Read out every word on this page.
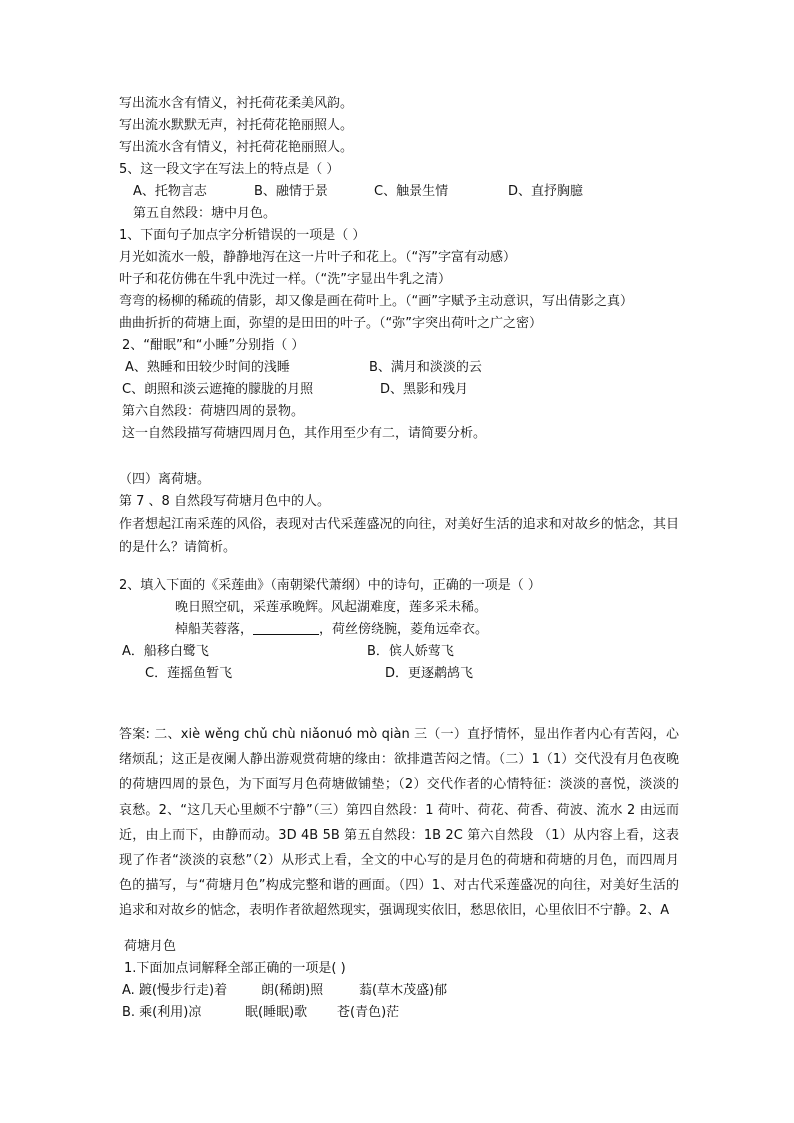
写出流水含有情义，衬托荷花柔美风韵。
写出流水默默无声，衬托荷花艳丽照人。
写出流水含有情义，衬托荷花艳丽照人。
5、这一段文字在写法上的特点是（ ）
A、托物言志	B、融情于景	C、触景生情	D、直抒胸臆
第五自然段：塘中月色。
1、下面句子加点字分析错误的一项是（ ）
月光如流水一般，静静地泻在这一片叶子和花上。（“泻”字富有动感）
叶子和花仿佛在牛乳中洗过一样。（“洗”字显出牛乳之清）
弯弯的杨柳的稀疏的倩影，却又像是画在荷叶上。（“画”字赋予主动意识，写出倩影之真）
曲曲折折的荷塘上面，弥望的是田田的叶子。（“弥”字突出荷叶之广之密）
2、“酣眠”和“小睡”分别指（ ）
A、熟睡和田较少时间的浅睡	B、满月和淡淡的云
C、朗照和淡云遮掩的朦胧的月照	D、黑影和残月
第六自然段：荷塘四周的景物。
这一自然段描写荷塘四周月色，其作用至少有二，请简要分析。
（四）离荷塘。
第 7 、8 自然段写荷塘月色中的人。
作者想起江南采莲的风俗，表现对古代采莲盛况的向往，对美好生活的追求和对故乡的惦念，其目的是什么？请简析。
2、填入下面的《采莲曲》（南朝梁代萧纲）中的诗句，正确的一项是（ ）
晚日照空矶，采莲承晚辉。风起湖难度，莲多采未稀。
棹船芙蓉落，	，荷丝傍绕腕，菱角远牵衣。
A．船移白鹭飞	B．傧人娇莺飞
C．莲摇鱼暂飞	D．更逐鹔鸪飞
答案: 二、xiè wěng chǔ chù niǎonuó mò qiàn 三（一）直抒情怀，显出作者内心有苦闷，心绪烦乱；这正是夜阑人静出游观赏荷塘的缘由：欲排遣苦闷之情。（二）1（1）交代没有月色夜晚的荷塘四周的景色，为下面写月色荷塘做铺垫；（2）交代作者的心情特征：淡淡的喜悦，淡淡的哀愁。2、“这几天心里颇不宁静”（三）第四自然段：1 荷叶、荷花、荷香、荷波、流水 2 由远而近，由上而下，由静而动。3D 4B 5B 第五自然段：1B 2C 第六自然段 （1）从内容上看，这表现了作者“淡淡的哀愁”（2）从形式上看，全文的中心写的是月色的荷塘和荷塘的月色，而四周月色的描写，与“荷塘月色”构成完整和谐的画面。（四）1、对古代采莲盛况的向往，对美好生活的追求和对故乡的惦念，表明作者欲超然现实，强调现实依旧，愁思依旧，心里依旧不宁静。2、A
荷塘月色
1.下面加点词解释全部正确的一项是( )
A. 踱(慢步行走)着	朗(稀朗)照	蓊(草木茂盛)郁
B. 乘(利用)凉	眠(睡眠)歌 苍(青色)茫
